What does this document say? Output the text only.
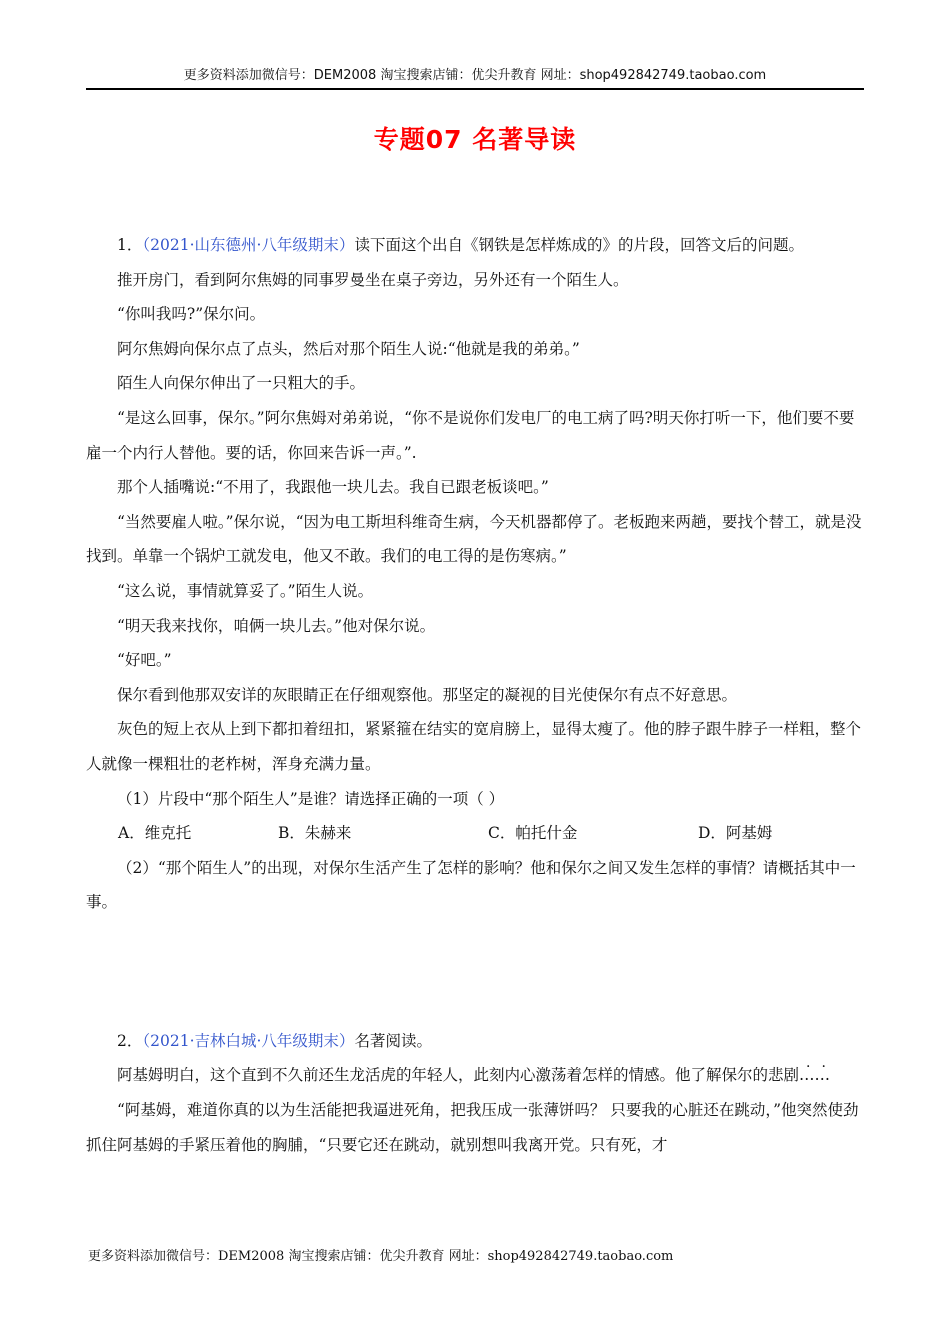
更多资料添加微信号：DEM2008 淘宝搜索店铺：优尖升教育 网址：shop492842749.taobao.com
专题07 名著导读

1．（2021·山东德州·八年级期末）读下面这个出自《钢铁是怎样炼成的》的片段，回答文后的问题。

推开房门，看到阿尔焦姆的同事罗曼坐在桌子旁边，另外还有一个陌生人。

“你叫我吗?”保尔问。

阿尔焦姆向保尔点了点头，然后对那个陌生人说:“他就是我的弟弟。”

陌生人向保尔伸出了一只粗大的手。

“是这么回事，保尔。”阿尔焦姆对弟弟说，“你不是说你们发电厂的电工病了吗?明天你打听一下，他们要不要雇一个内行人替他。要的话，你回来告诉一声。”.

那个人插嘴说:“不用了，我跟他一块儿去。我自已跟老板谈吧。”

“当然要雇人啦。”保尔说，“因为电工斯坦科维奇生病，今天机器都停了。老板跑来两趟，要找个替工，就是没找到。单靠一个锅炉工就发电，他又不敢。我们的电工得的是伤寒病。”

“这么说，事情就算妥了。”陌生人说。

“明天我来找你，咱俩一块儿去。”他对保尔说。

“好吧。”

保尔看到他那双安详的灰眼睛正在仔细观察他。那坚定的凝视的目光使保尔有点不好意思。

灰色的短上衣从上到下都扣着纽扣，紧紧箍在结实的宽肩膀上，显得太瘦了。他的脖子跟牛脖子一样粗，整个人就像一棵粗壮的老柞树，浑身充满力量。

（1）片段中“那个陌生人”是谁？请选择正确的一项（ ）

A．维克托	B．朱赫来	C．帕托什金	D．阿基姆

（2）“那个陌生人”的出现，对保尔生活产生了怎样的影响？他和保尔之间又发生怎样的事情？请概括其中一事。

2．（2021·吉林白城·八年级期末）名著阅读。

阿基姆明白，这个直到不久前还生龙活虎的年轻人，此刻内心激荡着怎样的情感。他了解保尔的悲 ·剧 ·……

“阿基姆，难道你真的以为生活能把我逼进死角，把我压成一张薄饼吗？ 只要我的心脏还在跳动，”他突然使劲抓住阿基姆的手紧压着他的胸脯，“只要它还在跳动，就别想叫我离开党。只有死，才

更多资料添加微信号：DEM2008 淘宝搜索店铺：优尖升教育 网址：shop492842749.taobao.com
